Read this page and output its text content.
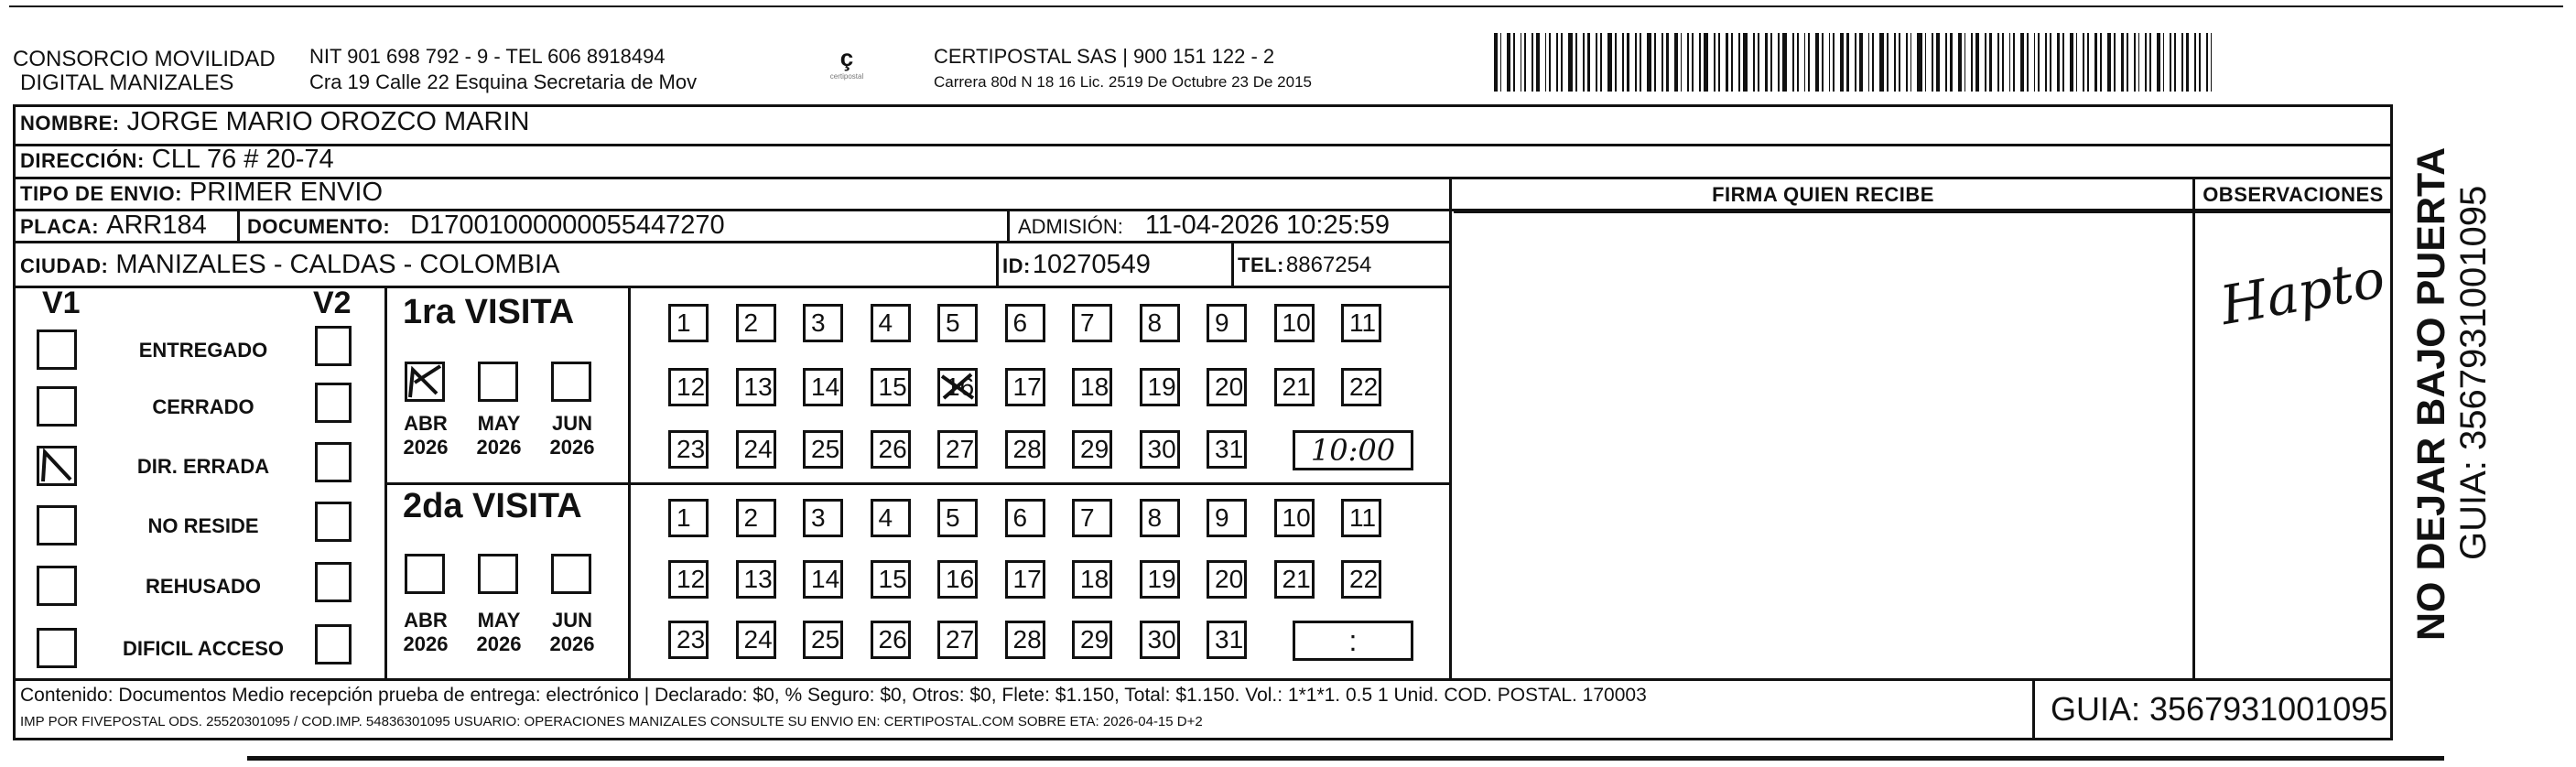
CONSORCIO MOVILIDAD
DIGITAL MANIZALES
NIT 901 698 792 - 9 - TEL 606 8918494
Cra 19 Calle 22 Esquina Secretaria de Mov
ç
certipostal
CERTIPOSTAL SAS | 900 151 122 - 2
Carrera 80d N 18 16 Lic. 2519 De Octubre 23 De 2015
NOMBRE: JORGE MARIO OROZCO MARIN
DIRECCIÓN: CLL 76 # 20-74
TIPO DE ENVIO: PRIMER ENVIO	FIRMA QUIEN RECIBE	OBSERVACIONES
PLACA: ARR184 DOCUMENTO: D17001000000055447270	ADMISIÓN: 11-04-2026 10:25:59
CIUDAD: MANIZALES - CALDAS - COLOMBIA	ID: 10270549	TEL: 8867254	Hapto
V1	V2
ENTREGADO
CERRADO
DIR. ERRADA
NO RESIDE
REHUSADO
DIFICIL ACCESO
1ra VISITA
2da VISITA
ABR
2026
MAY
2026
JUN
2026
1	2	3	4	5	6	7	8	9	10	11
12	13	14	15 16	17	18	19	20	21	22
23	24	25	26	27	28	29	30	31	10:00
ABR
2026
MAY
2026
JUN
2026
1	2	3	4	5	6	7	8	9	10	11
12	13	14	15	16	17	18	19	20	21	22
23	24	25	26	27	28	29	30	31	:
Contenido: Documentos Medio recepción prueba de entrega: electrónico | Declarado: $0, % Seguro: $0, Otros: $0, Flete: $1.150, Total: $1.150. Vol.: 1*1*1. 0.5 1 Unid. COD. POSTAL. 170003
IMP POR FIVEPOSTAL ODS. 25520301095 / COD.IMP. 54836301095 USUARIO: OPERACIONES MANIZALES CONSULTE SU ENVIO EN: CERTIPOSTAL.COM SOBRE ETA: 2026-04-15 D+2	GUIA: 3567931001095
NO DEJAR BAJO PUERTA GUIA: 3567931001095
